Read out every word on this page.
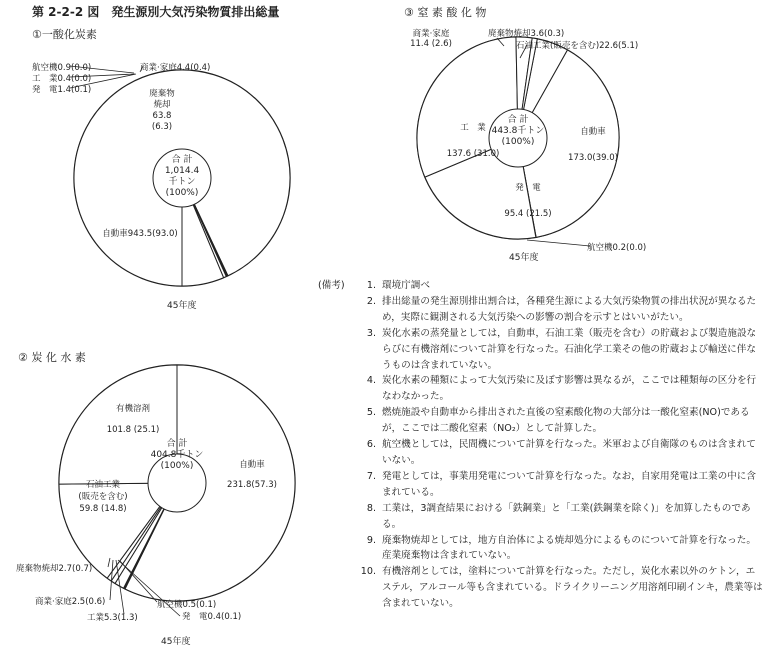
第 2-2-2 図　発生源別大気汚染物質排出総量
①一酸化炭素
45年度
合 計 1,014.4 千トン(100%)
自動車943.5(93.0)
発　電1.4(0.1)
工　業0.4(0.0)
航空機0.9(0.0)	商業·家庭4.4(0.4)
廃棄物焼却 63.8 (6.3)
② 炭 化 水 素
45年度
合 計 404.8千トン(100%)	自動車 231.8(57.3)
発　電0.4(0.1)
航空機0.5(0.1)
工業5.3(1.3)
商業·家庭2.5(0.6)
廃棄物焼却2.7(0.7)
石油工業(販売を含む) 59.8 (14.8)
有機溶剤 101.8 (25.1)
③ 窒 素 酸 化 物
45年度
合 計 443.8千トン(100%)
石油工業(販売を含む)22.6(5.1)
自動車 173.0(39.0)
航空機0.2(0.0)
発　電 95.4 (21.5)
工　業 137.6 (31.0)
商業·家庭 11.4 (2.6)
廃棄物焼却3.6(0.3)
(備考)	1. 環境庁調べ
2. 排出総量の発生源別排出割合は，各種発生源による大気汚染物質の排出状況が異なるため，実際に観測される大気汚染への影響の割合を示すとはいいがたい。
3. 炭化水素の蒸発量としては，自動車，石油工業（販売を含む）の貯蔵および製造施設ならびに有機溶剤について計算を行なった。石油化学工業その他の貯蔵および輸送に伴なうものは含まれていない。
4. 炭化水素の種類によって大気汚染に及ぼす影響は異なるが，ここでは種類毎の区分を行なわなかった。
5. 燃焼施設や自動車から排出された直後の窒素酸化物の大部分は一酸化窒素(NO)であるが，ここでは二酸化窒素（NO₂）として計算した。
6. 航空機としては，民間機について計算を行なった。米軍および自衛隊のものは含まれていない。
7. 発電としては，事業用発電について計算を行なった。なお，自家用発電は工業の中に含まれている。
8. 工業は，3調査結果における「鉄鋼業」と「工業(鉄鋼業を除く)」を加算したものである。
9. 廃棄物焼却としては，地方自治体による焼却処分によるものについて計算を行なった。産業廃棄物は含まれていない。
10. 有機溶剤としては，塗料について計算を行なった。ただし，炭化水素以外のケトン，エステル，アルコール等も含まれている。ドライクリーニング用溶剤印刷インキ，農業等は含まれていない。
